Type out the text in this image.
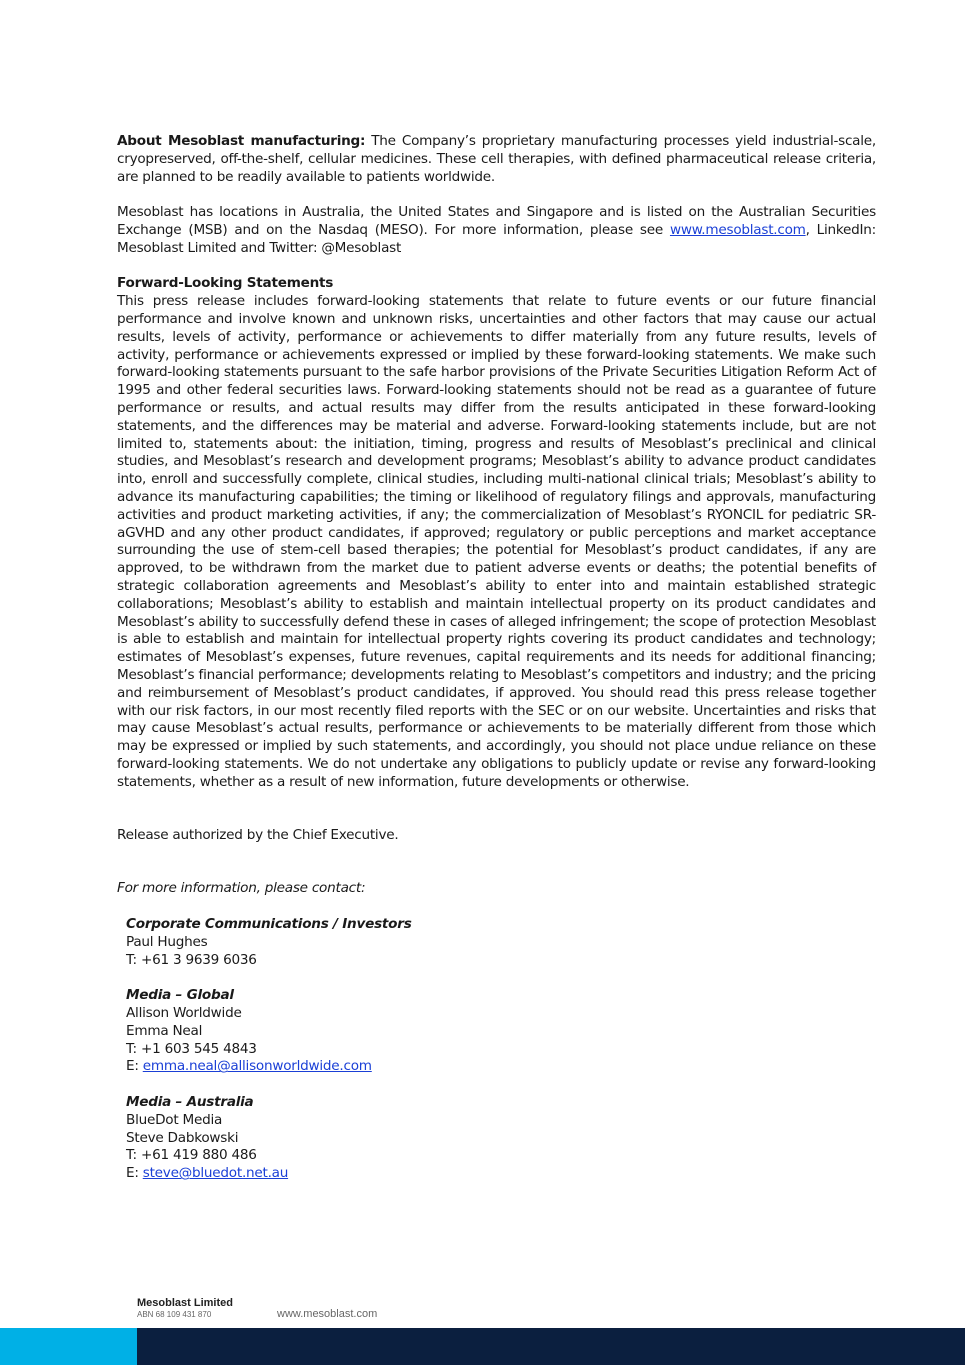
About Mesoblast manufacturing: The Company’s proprietary manufacturing processes yield industrial-scale, cryopreserved, off-the-shelf, cellular medicines. These cell therapies, with defined pharmaceutical release criteria, are planned to be readily available to patients worldwide.

Mesoblast has locations in Australia, the United States and Singapore and is listed on the Australian Securities Exchange (MSB) and on the Nasdaq (MESO). For more information, please see www.mesoblast.com, LinkedIn: Mesoblast Limited and Twitter: @Mesoblast

Forward-Looking Statements

This press release includes forward-looking statements that relate to future events or our future financial performance and involve known and unknown risks, uncertainties and other factors that may cause our actual results, levels of activity, performance or achievements to differ materially from any future results, levels of activity, performance or achievements expressed or implied by these forward-looking statements. We make such forward-looking statements pursuant to the safe harbor provisions of the Private Securities Litigation Reform Act of 1995 and other federal securities laws. Forward-looking statements should not be read as a guarantee of future performance or results, and actual results may differ from the results anticipated in these forward-looking statements, and the differences may be material and adverse. Forward-looking statements include, but are not limited to, statements about: the initiation, timing, progress and results of Mesoblast’s preclinical and clinical studies, and Mesoblast’s research and development programs; Mesoblast’s ability to advance product candidates into, enroll and successfully complete, clinical studies, including multi-national clinical trials; Mesoblast’s ability to advance its manufacturing capabilities; the timing or likelihood of regulatory filings and approvals, manufacturing activities and product marketing activities, if any; the commercialization of Mesoblast’s RYONCIL for pediatric SR-aGVHD and any other product candidates, if approved; regulatory or public perceptions and market acceptance surrounding the use of stem-cell based therapies; the potential for Mesoblast’s product candidates, if any are approved, to be withdrawn from the market due to patient adverse events or deaths; the potential benefits of strategic collaboration agreements and Mesoblast’s ability to enter into and maintain established strategic collaborations; Mesoblast’s ability to establish and maintain intellectual property on its product candidates and Mesoblast’s ability to successfully defend these in cases of alleged infringement; the scope of protection Mesoblast is able to establish and maintain for intellectual property rights covering its product candidates and technology; estimates of Mesoblast’s expenses, future revenues, capital requirements and its needs for additional financing; Mesoblast’s financial performance; developments relating to Mesoblast’s competitors and industry; and the pricing and reimbursement of Mesoblast’s product candidates, if approved. You should read this press release together with our risk factors, in our most recently filed reports with the SEC or on our website. Uncertainties and risks that may cause Mesoblast’s actual results, performance or achievements to be materially different from those which may be expressed or implied by such statements, and accordingly, you should not place undue reliance on these forward-looking statements. We do not undertake any obligations to publicly update or revise any forward-looking statements, whether as a result of new information, future developments or otherwise.

Release authorized by the Chief Executive.

For more information, please contact:

Corporate Communications / Investors

Paul Hughes

T: +61 3 9639 6036

Media – Global

Allison Worldwide

Emma Neal

T: +1 603 545 4843

E: emma.neal@allisonworldwide.com

Media – Australia

BlueDot Media

Steve Dabkowski

T: +61 419 880 486

E: steve@bluedot.net.au

Mesoblast Limited
ABN 68 109 431 870	www.mesoblast.com
